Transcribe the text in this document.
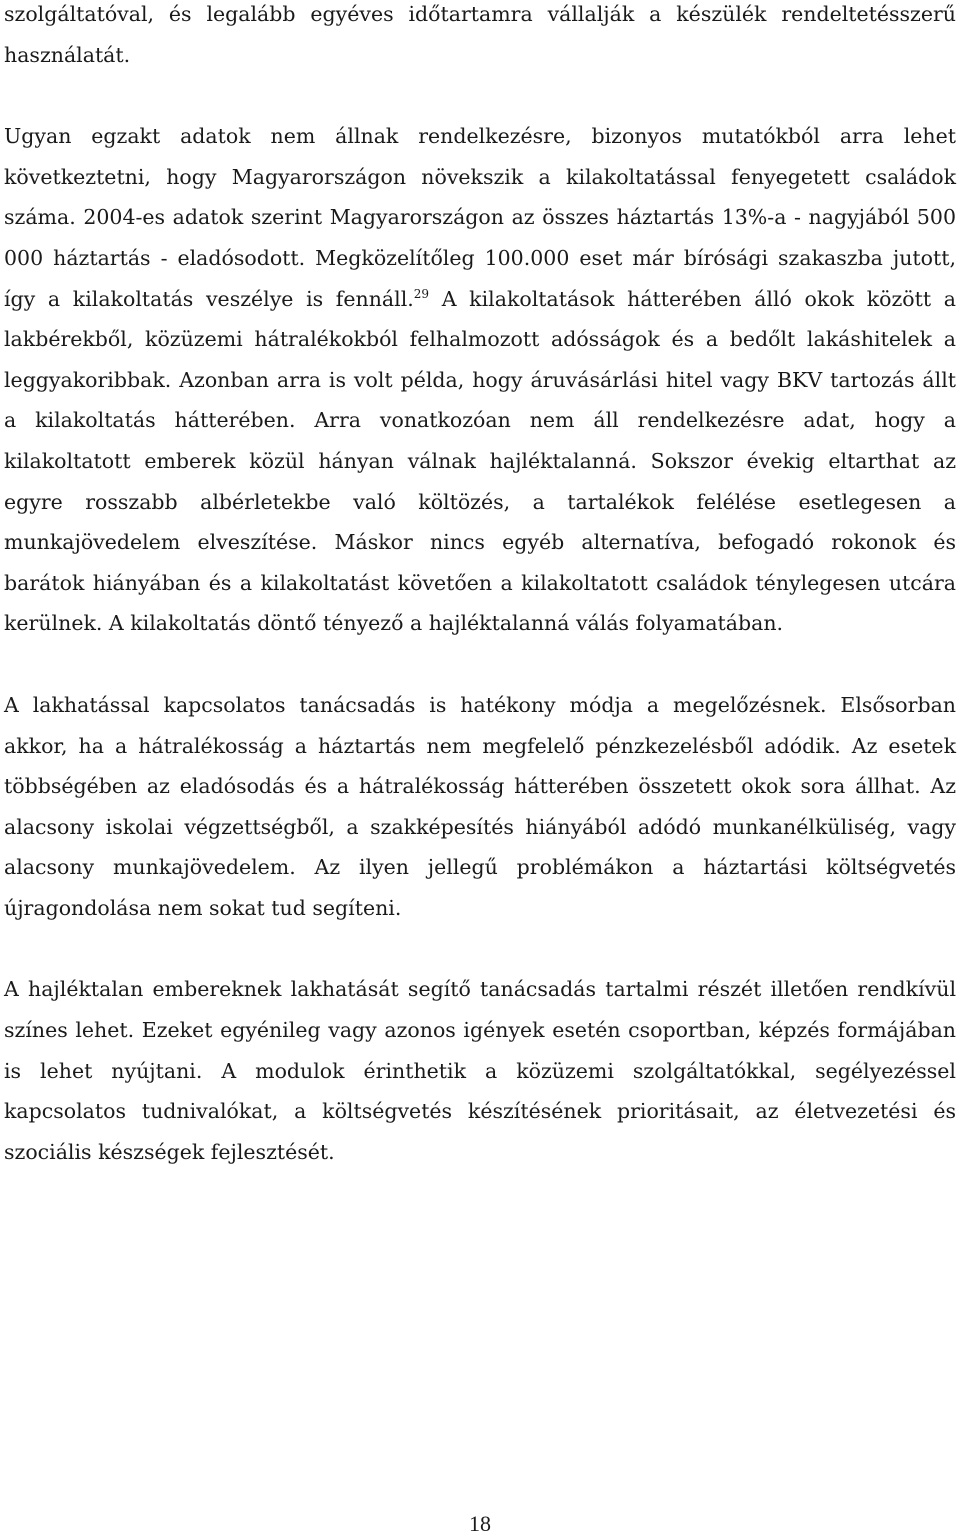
szolgáltatóval, és legalább egyéves időtartamra vállalják a készülék rendeltetésszerű használatát.

Ugyan egzakt adatok nem állnak rendelkezésre, bizonyos mutatókból arra lehet következtetni, hogy Magyarországon növekszik a kilakoltatással fenyegetett családok száma. 2004-es adatok szerint Magyarországon az összes háztartás 13%-a - nagyjából 500 000 háztartás - eladósodott. Megközelítőleg 100.000 eset már bírósági szakaszba jutott, így a kilakoltatás veszélye is fennáll.$^{29}$ A kilakoltatások hátterében álló okok között a lakbérekből, közüzemi hátralékokból felhalmozott adósságok és a bedőlt lakáshitelek a leggyakoribbak. Azonban arra is volt példa, hogy áruvásárlási hitel vagy BKV tartozás állt a kilakoltatás hátterében. Arra vonatkozóan nem áll rendelkezésre adat, hogy a kilakoltatott emberek közül hányan válnak hajléktalanná. Sokszor évekig eltarthat az egyre rosszabb albérletekbe való költözés, a tartalékok felélése esetlegesen a munkajövedelem elveszítése. Máskor nincs egyéb alternatíva, befogadó rokonok és barátok hiányában és a kilakoltatást követően a kilakoltatott családok ténylegesen utcára kerülnek. A kilakoltatás döntő tényező a hajléktalanná válás folyamatában.

A lakhatással kapcsolatos tanácsadás is hatékony módja a megelőzésnek. Elsősorban akkor, ha a hátralékosság a háztartás nem megfelelő pénzkezelésből adódik. Az esetek többségében az eladósodás és a hátralékosság hátterében összetett okok sora állhat. Az alacsony iskolai végzettségből, a szakképesítés hiányából adódó munkanélküliség, vagy alacsony munkajövedelem. Az ilyen jellegű problémákon a háztartási költségvetés újragondolása nem sokat tud segíteni.

A hajléktalan embereknek lakhatását segítő tanácsadás tartalmi részét illetően rendkívül színes lehet. Ezeket egyénileg vagy azonos igények esetén csoportban, képzés formájában is lehet nyújtani. A modulok érinthetik a közüzemi szolgáltatókkal, segélyezéssel kapcsolatos tudnivalókat, a költségvetés készítésének prioritásait, az életvezetési és szociális készségek fejlesztését.

18
